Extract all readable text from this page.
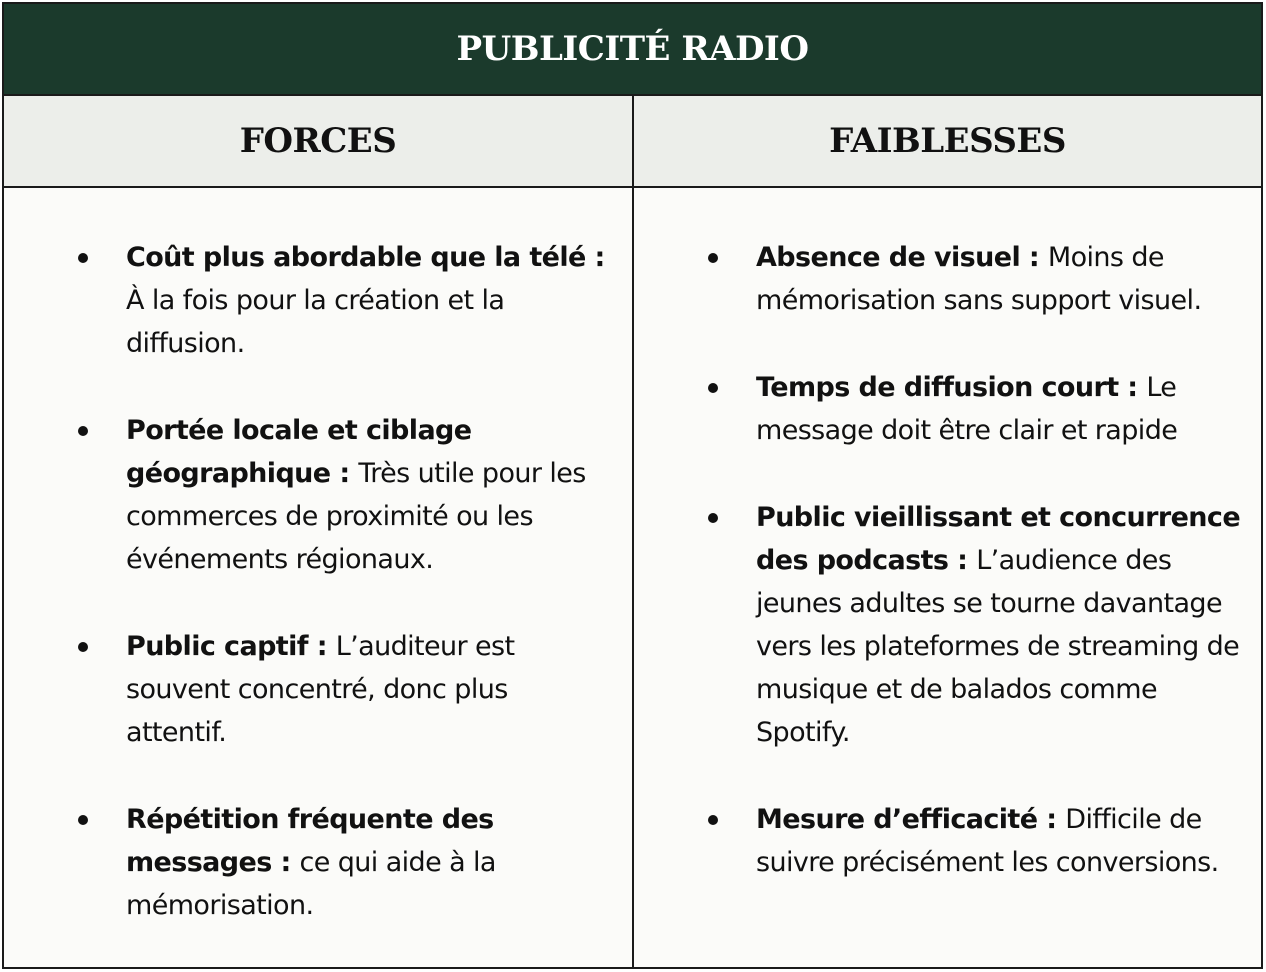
PUBLICITÉ RADIO
FORCES	FAIBLESSES
Coût plus abordable que la télé : À la fois pour la création et la diffusion.
Portée locale et ciblage géographique : Très utile pour les commerces de proximité ou les événements régionaux.
Public captif : L’auditeur est souvent concentré, donc plus attentif.
Répétition fréquente des messages : ce qui aide à la mémorisation.
Absence de visuel : Moins de mémorisation sans support visuel.
Temps de diffusion court : Le message doit être clair et rapide
Public vieillissant et concurrence des podcasts : L’audience des jeunes adultes se tourne davantage vers les plateformes de streaming de musique et de balados comme Spotify.
Mesure d’efficacité : Difficile de suivre précisément les conversions.
